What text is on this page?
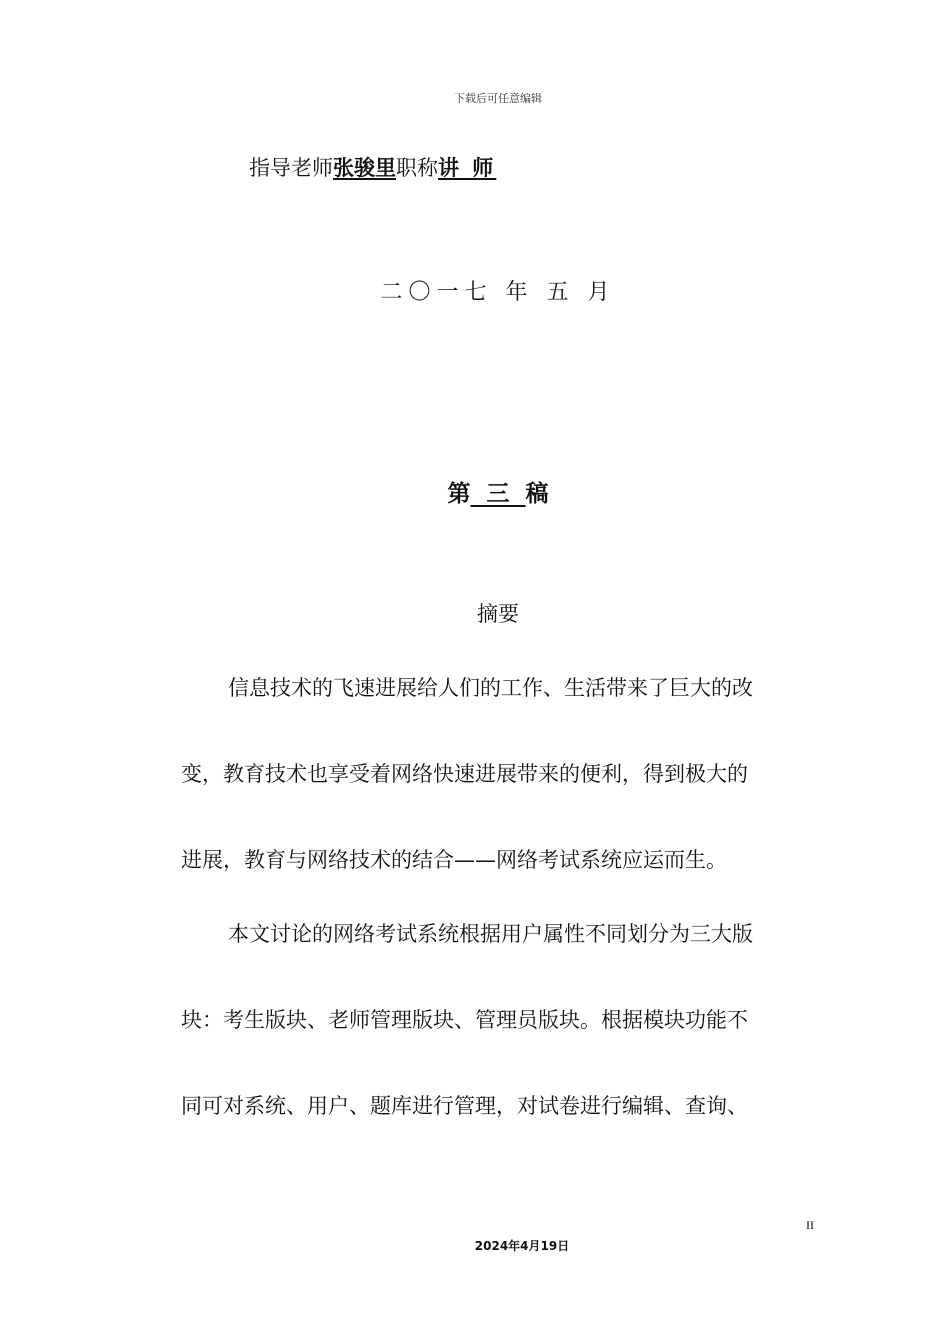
下载后可任意编辑
指导老师张骏里职称讲 师
二〇一七 年 五 月
第 三 稿
摘要
信息技术的飞速进展给人们的工作、生活带来了巨大的改
变，教育技术也享受着网络快速进展带来的便利，得到极大的
进展，教育与网络技术的结合——网络考试系统应运而生。
本文讨论的网络考试系统根据用户属性不同划分为三大版
块：考生版块、老师管理版块、管理员版块。根据模块功能不
同可对系统、用户、题库进行管理，对试卷进行编辑、查询、
II
2024年4月19日
